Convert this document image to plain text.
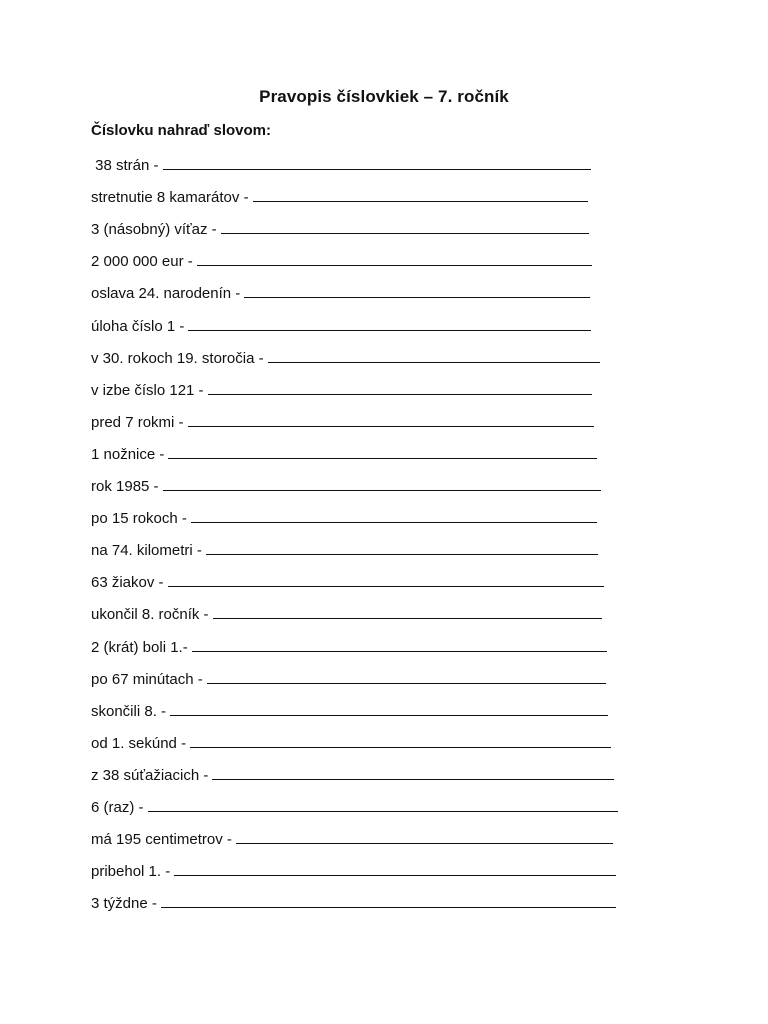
Pravopis číslovkiek – 7. ročník
Číslovku nahraď slovom:
38 strán -
stretnutie 8 kamarátov -
3 (násobný) víťaz -
2 000 000 eur -
oslava 24. narodenín -
úloha číslo 1 -
v 30. rokoch 19. storočia -
v izbe číslo 121 -
pred 7 rokmi -
1 nožnice -
rok 1985 -
po 15 rokoch -
na 74. kilometri -
63 žiakov -
ukončil 8. ročník -
2 (krát) boli 1.-
po 67 minútach -
skončili 8. -
od 1. sekúnd -
z 38 súťažiacich -
6 (raz) -
má 195 centimetrov -
pribehol 1. -
3 týždne -
